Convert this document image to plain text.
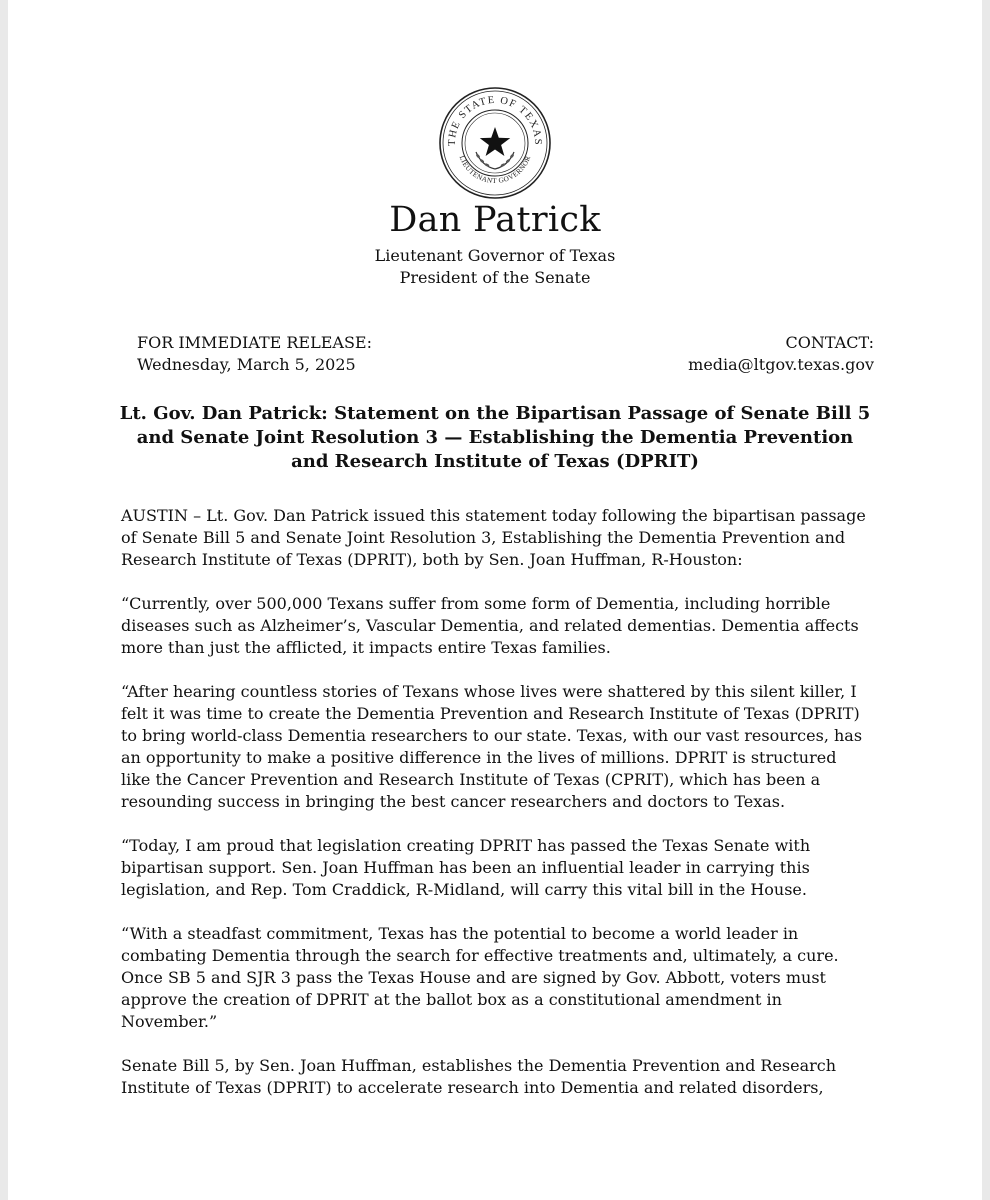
THE STATE OF TEXAS
LIEUTENANT GOVERNOR
Dan Patrick
Lieutenant Governor of Texas
President of the Senate
FOR IMMEDIATE RELEASE:
Wednesday, March 5, 2025
CONTACT:
media@ltgov.texas.gov
Lt. Gov. Dan Patrick: Statement on the Bipartisan Passage of Senate Bill 5
and Senate Joint Resolution 3 — Establishing the Dementia Prevention
and Research Institute of Texas (DPRIT)
AUSTIN – Lt. Gov. Dan Patrick issued this statement today following the bipartisan passage
of Senate Bill 5 and Senate Joint Resolution 3, Establishing the Dementia Prevention and
Research Institute of Texas (DPRIT), both by Sen. Joan Huffman, R-Houston:
“Currently, over 500,000 Texans suffer from some form of Dementia, including horrible
diseases such as Alzheimer’s, Vascular Dementia, and related dementias. Dementia affects
more than just the afflicted, it impacts entire Texas families.
“After hearing countless stories of Texans whose lives were shattered by this silent killer, I
felt it was time to create the Dementia Prevention and Research Institute of Texas (DPRIT)
to bring world-class Dementia researchers to our state. Texas, with our vast resources, has
an opportunity to make a positive difference in the lives of millions. DPRIT is structured
like the Cancer Prevention and Research Institute of Texas (CPRIT), which has been a
resounding success in bringing the best cancer researchers and doctors to Texas.
“Today, I am proud that legislation creating DPRIT has passed the Texas Senate with
bipartisan support. Sen. Joan Huffman has been an influential leader in carrying this
legislation, and Rep. Tom Craddick, R-Midland, will carry this vital bill in the House.
“With a steadfast commitment, Texas has the potential to become a world leader in
combating Dementia through the search for effective treatments and, ultimately, a cure.
Once SB 5 and SJR 3 pass the Texas House and are signed by Gov. Abbott, voters must
approve the creation of DPRIT at the ballot box as a constitutional amendment in
November.”
Senate Bill 5, by Sen. Joan Huffman, establishes the Dementia Prevention and Research
Institute of Texas (DPRIT) to accelerate research into Dementia and related disorders,
